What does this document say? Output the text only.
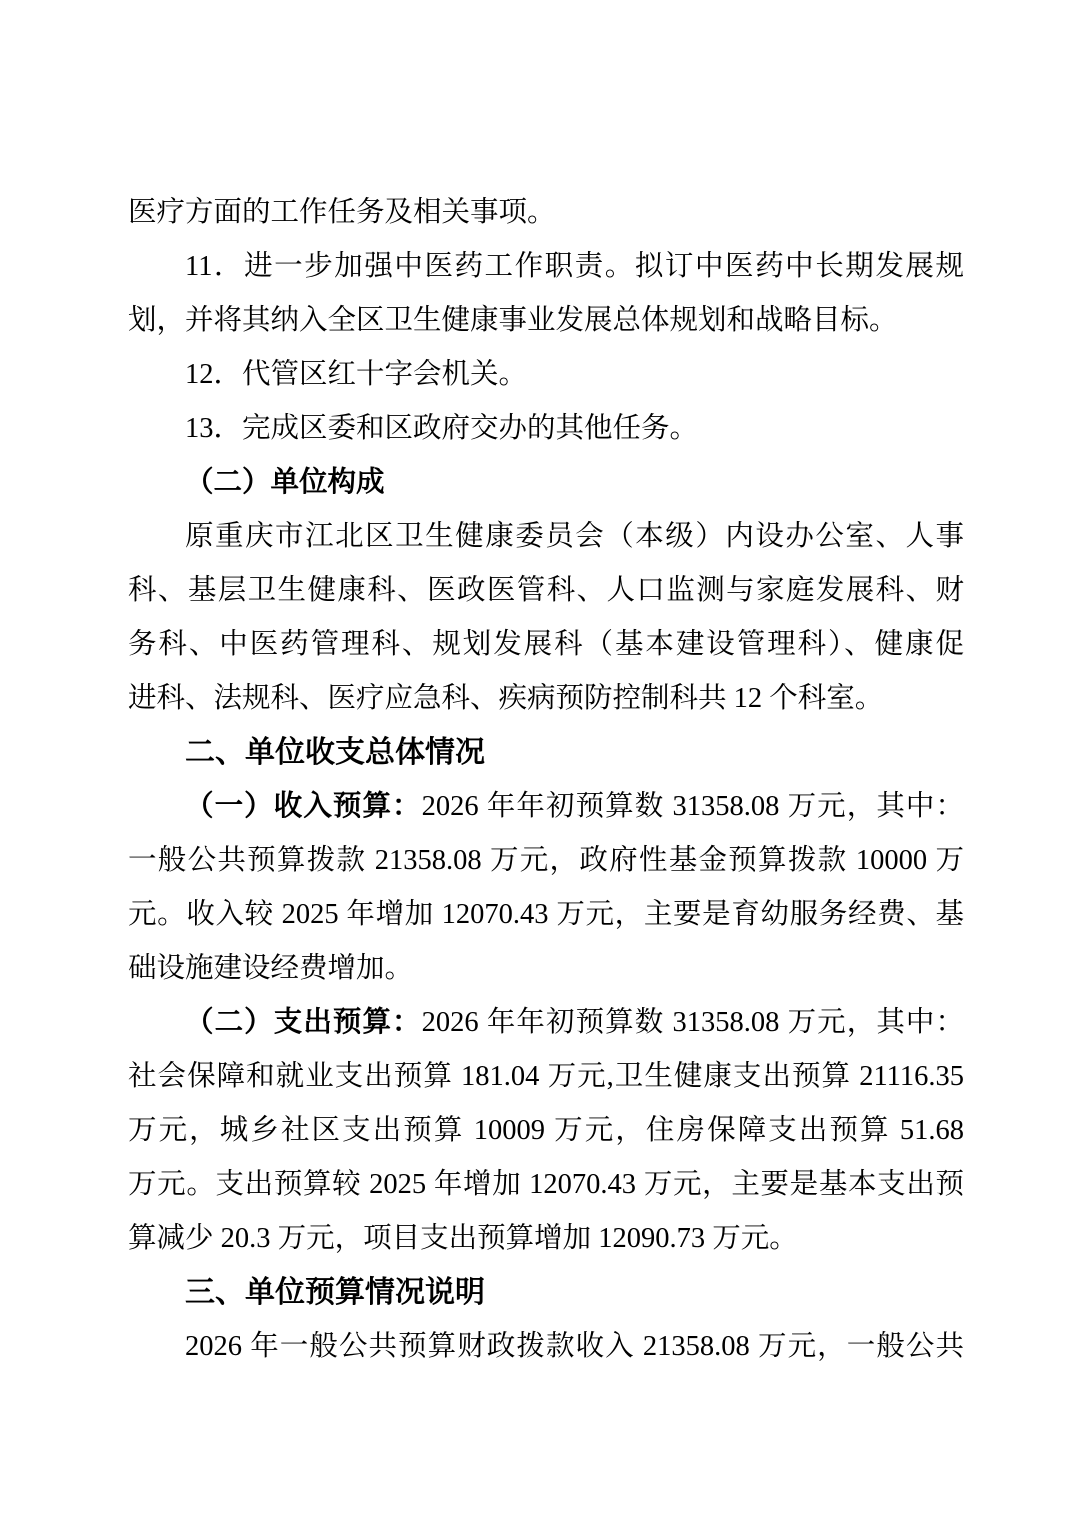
医疗方面的工作任务及相关事项。
11．进一步加强中医药工作职责。拟订中医药中长期发展规
划，并将其纳入全区卫生健康事业发展总体规划和战略目标。
12．代管区红十字会机关。
13．完成区委和区政府交办的其他任务。
（二）单位构成
原重庆市江北区卫生健康委员会（本级）内设办公室、人事
科、基层卫生健康科、医政医管科、人口监测与家庭发展科、财
务科、中医药管理科、规划发展科（基本建设管理科）、健康促
进科、法规科、医疗应急科、疾病预防控制科共 12 个科室。
二、单位收支总体情况
（一）收入预算：2026 年年初预算数 31358.08 万元，其中：
一般公共预算拨款 21358.08 万元，政府性基金预算拨款 10000 万
元。收入较 2025 年增加 12070.43 万元，主要是育幼服务经费、基
础设施建设经费增加。
（二）支出预算：2026 年年初预算数 31358.08 万元，其中：
社会保障和就业支出预算 181.04 万元,卫生健康支出预算 21116.35
万元，城乡社区支出预算 10009 万元，住房保障支出预算 51.68
万元。支出预算较 2025 年增加 12070.43 万元，主要是基本支出预
算减少 20.3 万元，项目支出预算增加 12090.73 万元。
三、单位预算情况说明
2026 年一般公共预算财政拨款收入 21358.08 万元，一般公共
